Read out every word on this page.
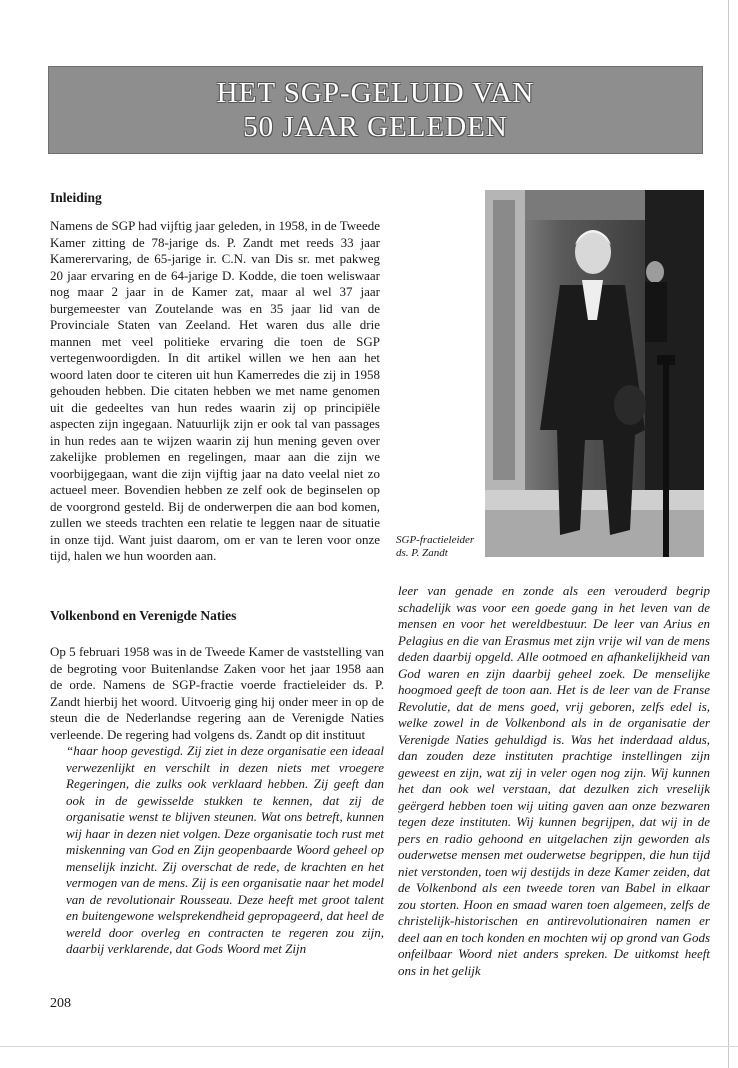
HET SGP-GELUID VAN
50 JAAR GELEDEN
Inleiding

Namens de SGP had vijftig jaar geleden, in 1958, in de Tweede Kamer zitting de 78-jarige ds. P. Zandt met reeds 33 jaar Kamerervaring, de 65-jarige ir. C.N. van Dis sr. met pakweg 20 jaar ervaring en de 64-jarige D. Kodde, die toen weliswaar nog maar 2 jaar in de Kamer zat, maar al wel 37 jaar burgemeester van Zoutelande was en 35 jaar lid van de Provinciale Staten van Zeeland. Het waren dus alle drie mannen met veel politieke ervaring die toen de SGP vertegenwoordigden. In dit artikel willen we hen aan het woord laten door te citeren uit hun Kamerredes die zij in 1958 gehouden hebben. Die citaten hebben we met name genomen uit die gedeeltes van hun redes waarin zij op principiële aspecten zijn ingegaan. Natuurlijk zijn er ook tal van passages in hun redes aan te wijzen waarin zij hun mening geven over zakelijke problemen en regelingen, maar aan die zijn we voorbijgegaan, want die zijn vijftig jaar na dato veelal niet zo actueel meer. Bovendien hebben ze zelf ook de beginselen op de voorgrond gesteld. Bij de onderwerpen die aan bod komen, zullen we steeds trachten een relatie te leggen naar de situatie in onze tijd. Want juist daarom, om er van te leren voor onze tijd, halen we hun woorden aan.

Volkenbond en Verenigde Naties

Op 5 februari 1958 was in de Tweede Kamer de vaststelling van de begroting voor Buitenlandse Zaken voor het jaar 1958 aan de orde. Namens de SGP-fractie voerde fractieleider ds. P. Zandt hierbij het woord. Uitvoerig ging hij onder meer in op de steun die de Nederlandse regering aan de Verenigde Naties verleende. De regering had volgens ds. Zandt op dit instituut

“haar hoop gevestigd. Zij ziet in deze organisatie een ideaal verwezenlijkt en verschilt in dezen niets met vroegere Regeringen, die zulks ook verklaard hebben. Zij geeft dan ook in de gewisselde stukken te kennen, dat zij de organisatie wenst te blijven steunen. Wat ons betreft, kunnen wij haar in dezen niet volgen. Deze organisatie toch rust met miskenning van God en Zijn geopenbaarde Woord geheel op menselijk inzicht. Zij overschat de rede, de krachten en het vermogen van de mens. Zij is een organisatie naar het model van de revolutionair Rousseau. Deze heeft met groot talent en buitengewone welsprekendheid gepropageerd, dat heel de wereld door overleg en contracten te regeren zou zijn, daarbij verklarende, dat Gods Woord met Zijn

SGP-fractieleider
ds. P. Zandt

leer van genade en zonde als een verouderd begrip schadelijk was voor een goede gang in het leven van de mensen en voor het wereldbestuur. De leer van Arius en Pelagius en die van Erasmus met zijn vrije wil van de mens deden daarbij opgeld. Alle ootmoed en afhankelijkheid van God waren en zijn daarbij geheel zoek. De menselijke hoogmoed geeft de toon aan. Het is de leer van de Franse Revolutie, dat de mens goed, vrij geboren, zelfs edel is, welke zowel in de Volkenbond als in de organisatie der Verenigde Naties gehuldigd is. Was het inderdaad aldus, dan zouden deze instituten prachtige instellingen zijn geweest en zijn, wat zij in veler ogen nog zijn. Wij kunnen het dan ook wel verstaan, dat dezulken zich vreselijk geërgerd hebben toen wij uiting gaven aan onze bezwaren tegen deze instituten. Wij kunnen begrijpen, dat wij in de pers en radio gehoond en uitgelachen zijn geworden als ouderwetse mensen met ouderwetse begrippen, die hun tijd niet verstonden, toen wij destijds in deze Kamer zeiden, dat de Volkenbond als een tweede toren van Babel in elkaar zou storten. Hoon en smaad waren toen algemeen, zelfs de christelijk-historischen en antirevolutionairen namen er deel aan en toch konden en mochten wij op grond van Gods onfeilbaar Woord niet anders spreken. De uitkomst heeft ons in het gelijk

208
